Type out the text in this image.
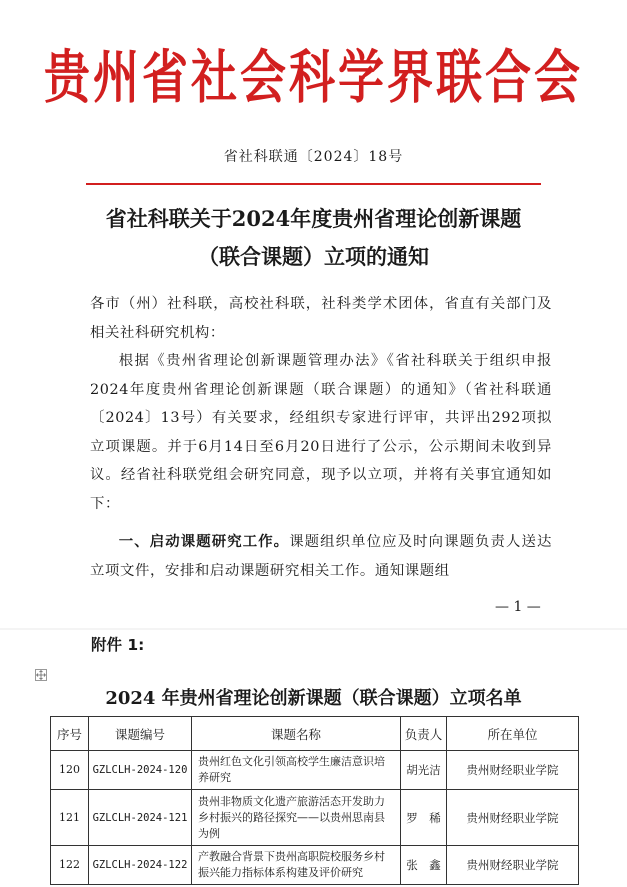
贵州省社会科学界联合会
省社科联通〔2024〕18号
省社科联关于2024年度贵州省理论创新课题
（联合课题）立项的通知
各市（州）社科联，高校社科联，社科类学术团体，省直有关部门及相关社科研究机构：
根据《贵州省理论创新课题管理办法》《省社科联关于组织申报2024年度贵州省理论创新课题（联合课题）的通知》（省社科联通〔2024〕13号）有关要求，经组织专家进行评审，共评出292项拟立项课题。并于6月14日至6月20日进行了公示，公示期间未收到异议。经省社科联党组会研究同意，现予以立项，并将有关事宜通知如下：
一、启动课题研究工作。课题组织单位应及时向课题负责人送达立项文件，安排和启动课题研究相关工作。通知课题组
— 1 —
附件 1:
2024 年贵州省理论创新课题（联合课题）立项名单
序号	课题编号	课题名称	负责人	所在单位
120	GZLCLH-2024-120	贵州红色文化引领高校学生廉洁意识培养研究	胡光洁	贵州财经职业学院
121	GZLCLH-2024-121	贵州非物质文化遗产旅游活态开发助力乡村振兴的路径探究——以贵州思南县为例	罗　稀	贵州财经职业学院
122	GZLCLH-2024-122	产教融合背景下贵州高职院校服务乡村振兴能力指标体系构建及评价研究	张　鑫	贵州财经职业学院
